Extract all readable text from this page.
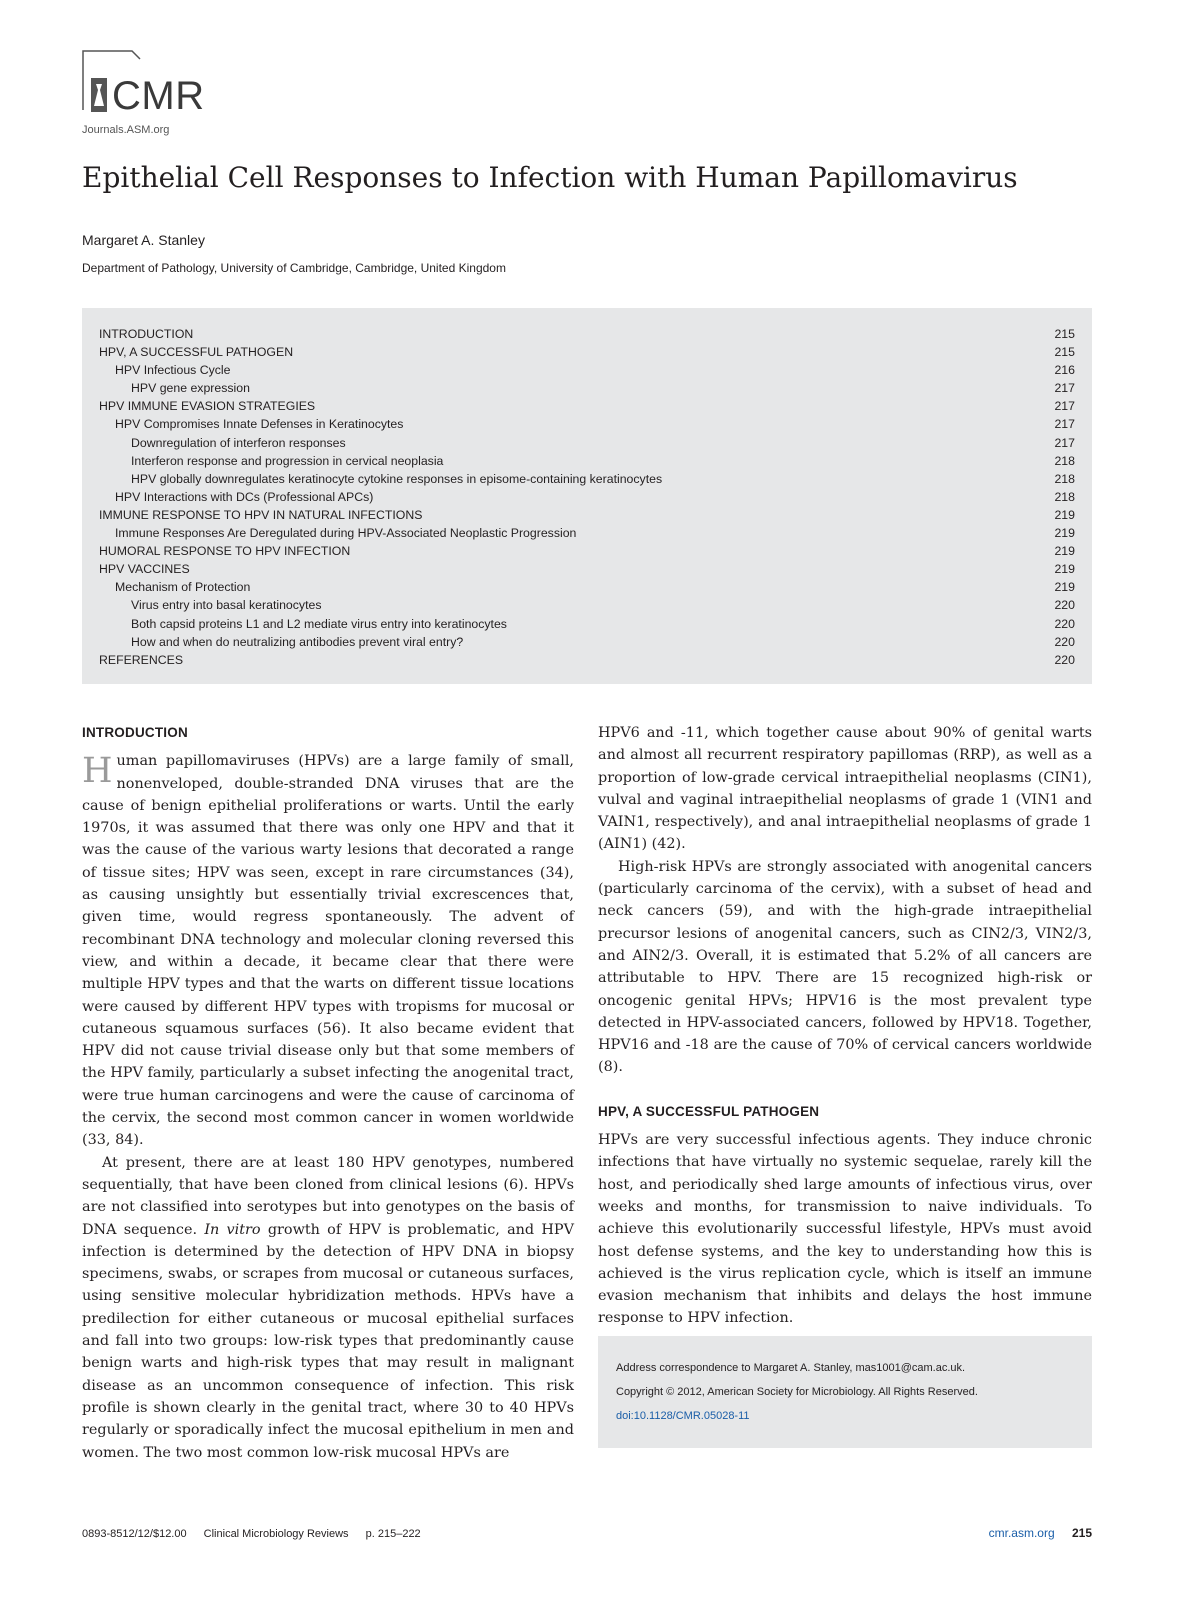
CMR
Journals.ASM.org
Epithelial Cell Responses to Infection with Human Papillomavirus
Margaret A. Stanley
Department of Pathology, University of Cambridge, Cambridge, United Kingdom
INTRODUCTION	215
HPV, A SUCCESSFUL PATHOGEN	215
HPV Infectious Cycle	216
HPV gene expression	217
HPV IMMUNE EVASION STRATEGIES	217
HPV Compromises Innate Defenses in Keratinocytes	217
Downregulation of interferon responses	217
Interferon response and progression in cervical neoplasia	218
HPV globally downregulates keratinocyte cytokine responses in episome-containing keratinocytes	218
HPV Interactions with DCs (Professional APCs)	218
IMMUNE RESPONSE TO HPV IN NATURAL INFECTIONS	219
Immune Responses Are Deregulated during HPV-Associated Neoplastic Progression	219
HUMORAL RESPONSE TO HPV INFECTION	219
HPV VACCINES	219
Mechanism of Protection	219
Virus entry into basal keratinocytes	220
Both capsid proteins L1 and L2 mediate virus entry into keratinocytes	220
How and when do neutralizing antibodies prevent viral entry?	220
REFERENCES	220
INTRODUCTION

Human papillomaviruses (HPVs) are a large family of small, nonenveloped, double-stranded DNA viruses that are the cause of benign epithelial proliferations or warts. Until the early 1970s, it was assumed that there was only one HPV and that it was the cause of the various warty lesions that decorated a range of tissue sites; HPV was seen, except in rare circumstances (34), as causing unsightly but essentially trivial excrescences that, given time, would regress spontaneously. The advent of recombinant DNA technology and molecular cloning reversed this view, and within a decade, it became clear that there were multiple HPV types and that the warts on different tissue locations were caused by different HPV types with tropisms for mucosal or cutaneous squamous surfaces (56). It also became evident that HPV did not cause trivial disease only but that some members of the HPV family, particularly a subset infecting the anogenital tract, were true human carcinogens and were the cause of carcinoma of the cervix, the second most common cancer in women worldwide (33, 84).

At present, there are at least 180 HPV genotypes, numbered sequentially, that have been cloned from clinical lesions (6). HPVs are not classified into serotypes but into genotypes on the basis of DNA sequence. In vitro growth of HPV is problematic, and HPV infection is determined by the detection of HPV DNA in biopsy specimens, swabs, or scrapes from mucosal or cutaneous surfaces, using sensitive molecular hybridization methods. HPVs have a predilection for either cutaneous or mucosal epithelial surfaces and fall into two groups: low-risk types that predominantly cause benign warts and high-risk types that may result in malignant disease as an uncommon consequence of infection. This risk profile is shown clearly in the genital tract, where 30 to 40 HPVs regularly or sporadically infect the mucosal epithelium in men and women. The two most common low-risk mucosal HPVs are

HPV6 and -11, which together cause about 90% of genital warts and almost all recurrent respiratory papillomas (RRP), as well as a proportion of low-grade cervical intraepithelial neoplasms (CIN1), vulval and vaginal intraepithelial neoplasms of grade 1 (VIN1 and VAIN1, respectively), and anal intraepithelial neoplasms of grade 1 (AIN1) (42).

High-risk HPVs are strongly associated with anogenital cancers (particularly carcinoma of the cervix), with a subset of head and neck cancers (59), and with the high-grade intraepithelial precursor lesions of anogenital cancers, such as CIN2/3, VIN2/3, and AIN2/3. Overall, it is estimated that 5.2% of all cancers are attributable to HPV. There are 15 recognized high-risk or oncogenic genital HPVs; HPV16 is the most prevalent type detected in HPV-associated cancers, followed by HPV18. Together, HPV16 and -18 are the cause of 70% of cervical cancers worldwide (8).

HPV, A SUCCESSFUL PATHOGEN

HPVs are very successful infectious agents. They induce chronic infections that have virtually no systemic sequelae, rarely kill the host, and periodically shed large amounts of infectious virus, over weeks and months, for transmission to naive individuals. To achieve this evolutionarily successful lifestyle, HPVs must avoid host defense systems, and the key to understanding how this is achieved is the virus replication cycle, which is itself an immune evasion mechanism that inhibits and delays the host immune response to HPV infection.

Address correspondence to Margaret A. Stanley, mas1001@cam.ac.uk.
Copyright © 2012, American Society for Microbiology. All Rights Reserved.
doi:10.1128/CMR.05028-11
0893-8512/12/$12.00 Clinical Microbiology Reviews p. 215–222	cmr.asm.org 215
